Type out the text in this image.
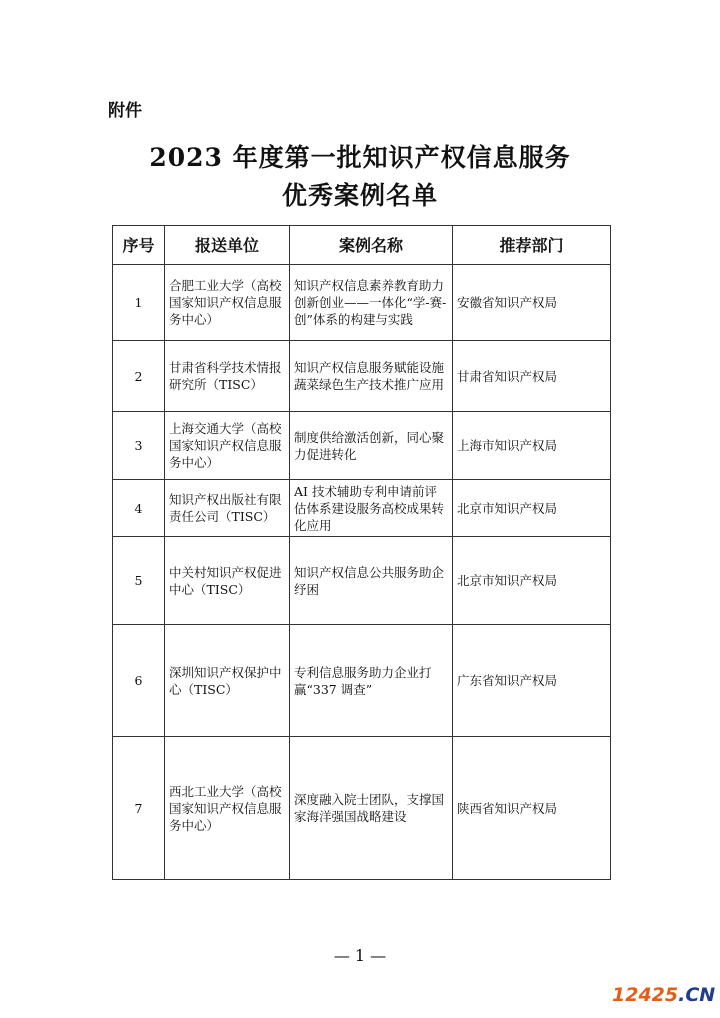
附件
2023 年度第一批知识产权信息服务
优秀案例名单
序号	报送单位	案例名称	推荐部门
1	合肥工业大学（高校国家知识产权信息服务中心）	知识产权信息素养教育助力创新创业——一体化“学-赛-创”体系的构建与实践	安徽省知识产权局
2	甘肃省科学技术情报研究所（TISC）	知识产权信息服务赋能设施蔬菜绿色生产技术推广应用	甘肃省知识产权局
3	上海交通大学（高校国家知识产权信息服务中心）	制度供给激活创新，同心聚力促进转化	上海市知识产权局
4	知识产权出版社有限责任公司（TISC）	AI 技术辅助专利申请前评估体系建设服务高校成果转化应用	北京市知识产权局
5	中关村知识产权促进中心（TISC）	知识产权信息公共服务助企纾困	北京市知识产权局
6	深圳知识产权保护中心（TISC）	专利信息服务助力企业打赢“337 调查”	广东省知识产权局
7	西北工业大学（高校国家知识产权信息服务中心）	深度融入院士团队，支撑国家海洋强国战略建设	陕西省知识产权局
— 1 —
12425.CN
